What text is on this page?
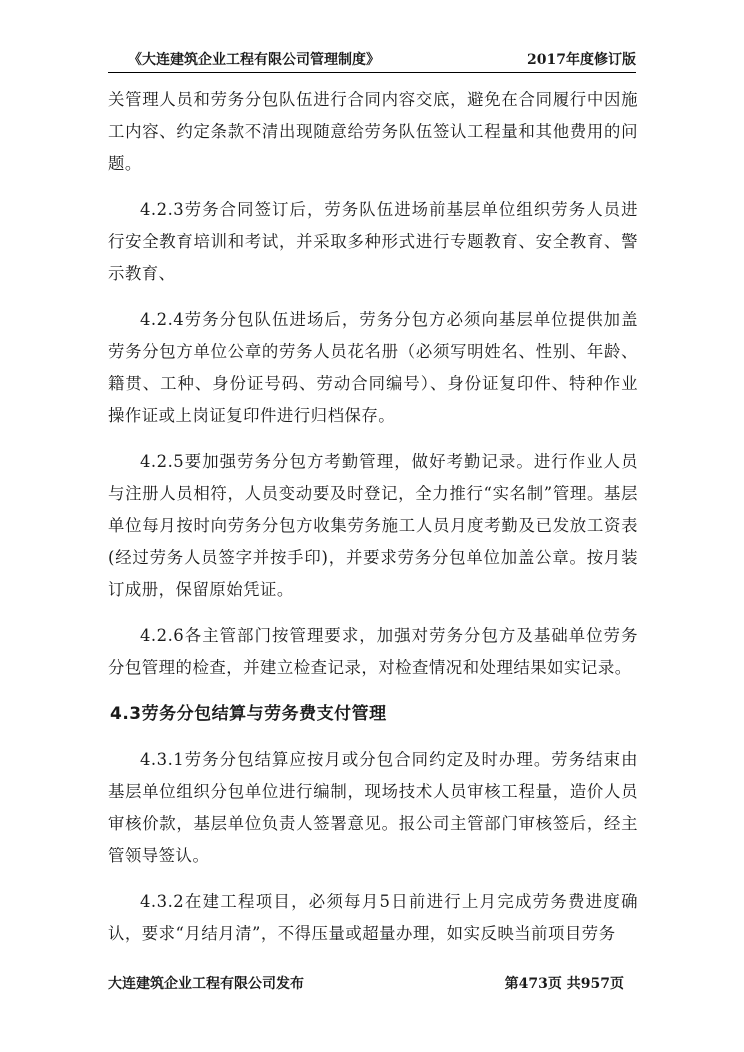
《大连建筑企业工程有限公司管理制度》	2017年度修订版

关管理人员和劳务分包队伍进行合同内容交底，避免在合同履行中因施工内容、约定条款不清出现随意给劳务队伍签认工程量和其他费用的问题。

4.2.3劳务合同签订后，劳务队伍进场前基层单位组织劳务人员进行安全教育培训和考试，并采取多种形式进行专题教育、安全教育、警示教育、

4.2.4劳务分包队伍进场后，劳务分包方必须向基层单位提供加盖劳务分包方单位公章的劳务人员花名册（必须写明姓名、性别、年龄、籍贯、工种、身份证号码、劳动合同编号）、身份证复印件、特种作业操作证或上岗证复印件进行归档保存。

4.2.5要加强劳务分包方考勤管理，做好考勤记录。进行作业人员与注册人员相符，人员变动要及时登记，全力推行“实名制”管理。基层单位每月按时向劳务分包方收集劳务施工人员月度考勤及已发放工资表(经过劳务人员签字并按手印)，并要求劳务分包单位加盖公章。按月装订成册，保留原始凭证。

4.2.6各主管部门按管理要求，加强对劳务分包方及基础单位劳务分包管理的检查，并建立检查记录，对检查情况和处理结果如实记录。

4.3劳务分包结算与劳务费支付管理

4.3.1劳务分包结算应按月或分包合同约定及时办理。劳务结束由基层单位组织分包单位进行编制，现场技术人员审核工程量，造价人员审核价款，基层单位负责人签署意见。报公司主管部门审核签后，经主管领导签认。

4.3.2在建工程项目，必须每月5日前进行上月完成劳务费进度确认，要求“月结月清”，不得压量或超量办理，如实反映当前项目劳务

大连建筑企业工程有限公司发布	第473页 共957页
